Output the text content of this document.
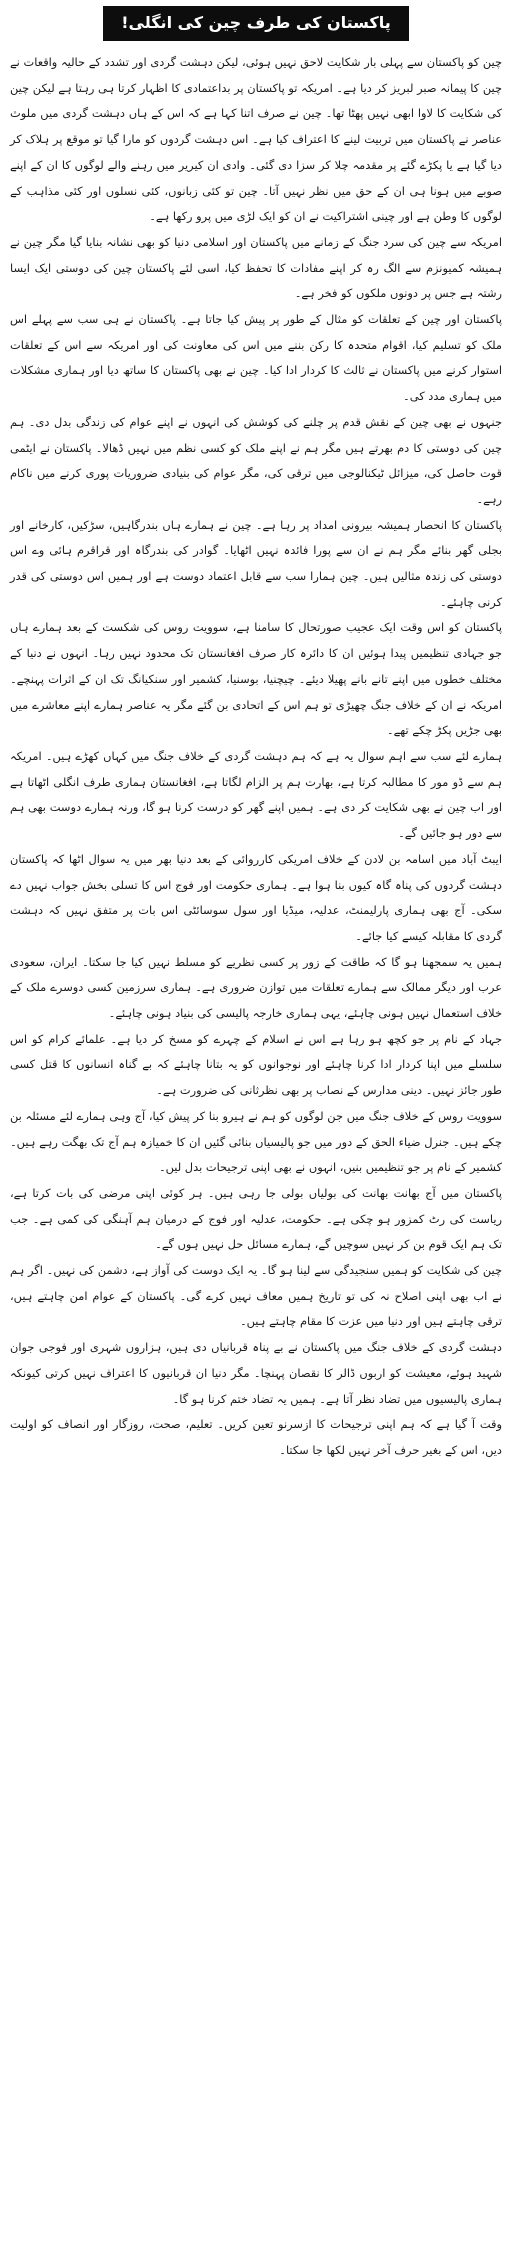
پاکستان کی طرف چین کی انگلی!

چین کو پاکستان سے پہلی بار شکایت لاحق نہیں ہوئی، لیکن دہشت گردی اور تشدد کے حالیہ واقعات نے چین کا پیمانہ صبر لبریز کر دیا ہے۔ امریکہ تو پاکستان پر بداعتمادی کا اظہار کرتا ہی رہتا ہے لیکن چین کی شکایت کا لاوا ابھی نہیں پھٹا تھا۔ چین نے صرف اتنا کہا ہے کہ اس کے ہاں دہشت گردی میں ملوث عناصر نے پاکستان میں تربیت لینے کا اعتراف کیا ہے۔ اس دہشت گردوں کو مارا گیا تو موقع پر ہلاک کر دیا گیا ہے یا پکڑے گئے پر مقدمہ چلا کر سزا دی گئی۔ وادی ان کیریر میں رہنے والے لوگوں کا ان کے اپنے صوبے میں ہونا ہی ان کے حق میں نظر نہیں آتا۔ چین تو کئی زبانوں، کئی نسلوں اور کئی مذاہب کے لوگوں کا وطن ہے اور چینی اشتراکیت نے ان کو ایک لڑی میں پرو رکھا ہے۔

امریکہ سے چین کی سرد جنگ کے زمانے میں پاکستان اور اسلامی دنیا کو بھی نشانہ بنایا گیا مگر چین نے ہمیشہ کمیونزم سے الگ رہ کر اپنے مفادات کا تحفظ کیا، اسی لئے پاکستان چین کی دوستی ایک ایسا رشتہ ہے جس پر دونوں ملکوں کو فخر ہے۔

پاکستان اور چین کے تعلقات کو مثال کے طور پر پیش کیا جاتا ہے۔ پاکستان نے ہی سب سے پہلے اس ملک کو تسلیم کیا، اقوام متحدہ کا رکن بننے میں اس کی معاونت کی اور امریکہ سے اس کے تعلقات استوار کرنے میں پاکستان نے ثالث کا کردار ادا کیا۔ چین نے بھی پاکستان کا ساتھ دیا اور ہماری مشکلات میں ہماری مدد کی۔

جنہوں نے بھی چین کے نقش قدم پر چلنے کی کوشش کی انہوں نے اپنے عوام کی زندگی بدل دی۔ ہم چین کی دوستی کا دم بھرتے ہیں مگر ہم نے اپنے ملک کو کسی نظم میں نہیں ڈھالا۔ پاکستان نے ایٹمی قوت حاصل کی، میزائل ٹیکنالوجی میں ترقی کی، مگر عوام کی بنیادی ضروریات پوری کرنے میں ناکام رہے۔

پاکستان کا انحصار ہمیشہ بیرونی امداد پر رہا ہے۔ چین نے ہمارے ہاں بندرگاہیں، سڑکیں، کارخانے اور بجلی گھر بنائے مگر ہم نے ان سے پورا فائدہ نہیں اٹھایا۔ گوادر کی بندرگاہ اور قراقرم ہائی وے اس دوستی کی زندہ مثالیں ہیں۔ چین ہمارا سب سے قابل اعتماد دوست ہے اور ہمیں اس دوستی کی قدر کرنی چاہئے۔

پاکستان کو اس وقت ایک عجیب صورتحال کا سامنا ہے، سوویت روس کی شکست کے بعد ہمارے ہاں جو جہادی تنظیمیں پیدا ہوئیں ان کا دائرہ کار صرف افغانستان تک محدود نہیں رہا۔ انہوں نے دنیا کے مختلف خطوں میں اپنے تانے بانے پھیلا دیئے۔ چیچنیا، بوسنیا، کشمیر اور سنکیانگ تک ان کے اثرات پہنچے۔ امریکہ نے ان کے خلاف جنگ چھیڑی تو ہم اس کے اتحادی بن گئے مگر یہ عناصر ہمارے اپنے معاشرے میں بھی جڑیں پکڑ چکے تھے۔

ہمارے لئے سب سے اہم سوال یہ ہے کہ ہم دہشت گردی کے خلاف جنگ میں کہاں کھڑے ہیں۔ امریکہ ہم سے ڈو مور کا مطالبہ کرتا ہے، بھارت ہم پر الزام لگاتا ہے، افغانستان ہماری طرف انگلی اٹھاتا ہے اور اب چین نے بھی شکایت کر دی ہے۔ ہمیں اپنے گھر کو درست کرنا ہو گا، ورنہ ہمارے دوست بھی ہم سے دور ہو جائیں گے۔

ایبٹ آباد میں اسامہ بن لادن کے خلاف امریکی کارروائی کے بعد دنیا بھر میں یہ سوال اٹھا کہ پاکستان دہشت گردوں کی پناہ گاہ کیوں بنا ہوا ہے۔ ہماری حکومت اور فوج اس کا تسلی بخش جواب نہیں دے سکی۔ آج بھی ہماری پارلیمنٹ، عدلیہ، میڈیا اور سول سوسائٹی اس بات پر متفق نہیں کہ دہشت گردی کا مقابلہ کیسے کیا جائے۔

ہمیں یہ سمجھنا ہو گا کہ طاقت کے زور پر کسی نظریے کو مسلط نہیں کیا جا سکتا۔ ایران، سعودی عرب اور دیگر ممالک سے ہمارے تعلقات میں توازن ضروری ہے۔ ہماری سرزمین کسی دوسرے ملک کے خلاف استعمال نہیں ہونی چاہئے، یہی ہماری خارجہ پالیسی کی بنیاد ہونی چاہئے۔

جہاد کے نام پر جو کچھ ہو رہا ہے اس نے اسلام کے چہرے کو مسخ کر دیا ہے۔ علمائے کرام کو اس سلسلے میں اپنا کردار ادا کرنا چاہئے اور نوجوانوں کو یہ بتانا چاہئے کہ بے گناہ انسانوں کا قتل کسی طور جائز نہیں۔ دینی مدارس کے نصاب پر بھی نظرثانی کی ضرورت ہے۔

سوویت روس کے خلاف جنگ میں جن لوگوں کو ہم نے ہیرو بنا کر پیش کیا، آج وہی ہمارے لئے مسئلہ بن چکے ہیں۔ جنرل ضیاء الحق کے دور میں جو پالیسیاں بنائی گئیں ان کا خمیازہ ہم آج تک بھگت رہے ہیں۔ کشمیر کے نام پر جو تنظیمیں بنیں، انہوں نے بھی اپنی ترجیحات بدل لیں۔

پاکستان میں آج بھانت بھانت کی بولیاں بولی جا رہی ہیں۔ ہر کوئی اپنی مرضی کی بات کرتا ہے، ریاست کی رٹ کمزور ہو چکی ہے۔ حکومت، عدلیہ اور فوج کے درمیان ہم آہنگی کی کمی ہے۔ جب تک ہم ایک قوم بن کر نہیں سوچیں گے، ہمارے مسائل حل نہیں ہوں گے۔

چین کی شکایت کو ہمیں سنجیدگی سے لینا ہو گا۔ یہ ایک دوست کی آواز ہے، دشمن کی نہیں۔ اگر ہم نے اب بھی اپنی اصلاح نہ کی تو تاریخ ہمیں معاف نہیں کرے گی۔ پاکستان کے عوام امن چاہتے ہیں، ترقی چاہتے ہیں اور دنیا میں عزت کا مقام چاہتے ہیں۔

دہشت گردی کے خلاف جنگ میں پاکستان نے بے پناہ قربانیاں دی ہیں، ہزاروں شہری اور فوجی جوان شہید ہوئے، معیشت کو اربوں ڈالر کا نقصان پہنچا۔ مگر دنیا ان قربانیوں کا اعتراف نہیں کرتی کیونکہ ہماری پالیسیوں میں تضاد نظر آتا ہے۔ ہمیں یہ تضاد ختم کرنا ہو گا۔

وقت آ گیا ہے کہ ہم اپنی ترجیحات کا ازسرنو تعین کریں۔ تعلیم، صحت، روزگار اور انصاف کو اولیت دیں، اس کے بغیر حرف آخر نہیں لکھا جا سکتا۔
